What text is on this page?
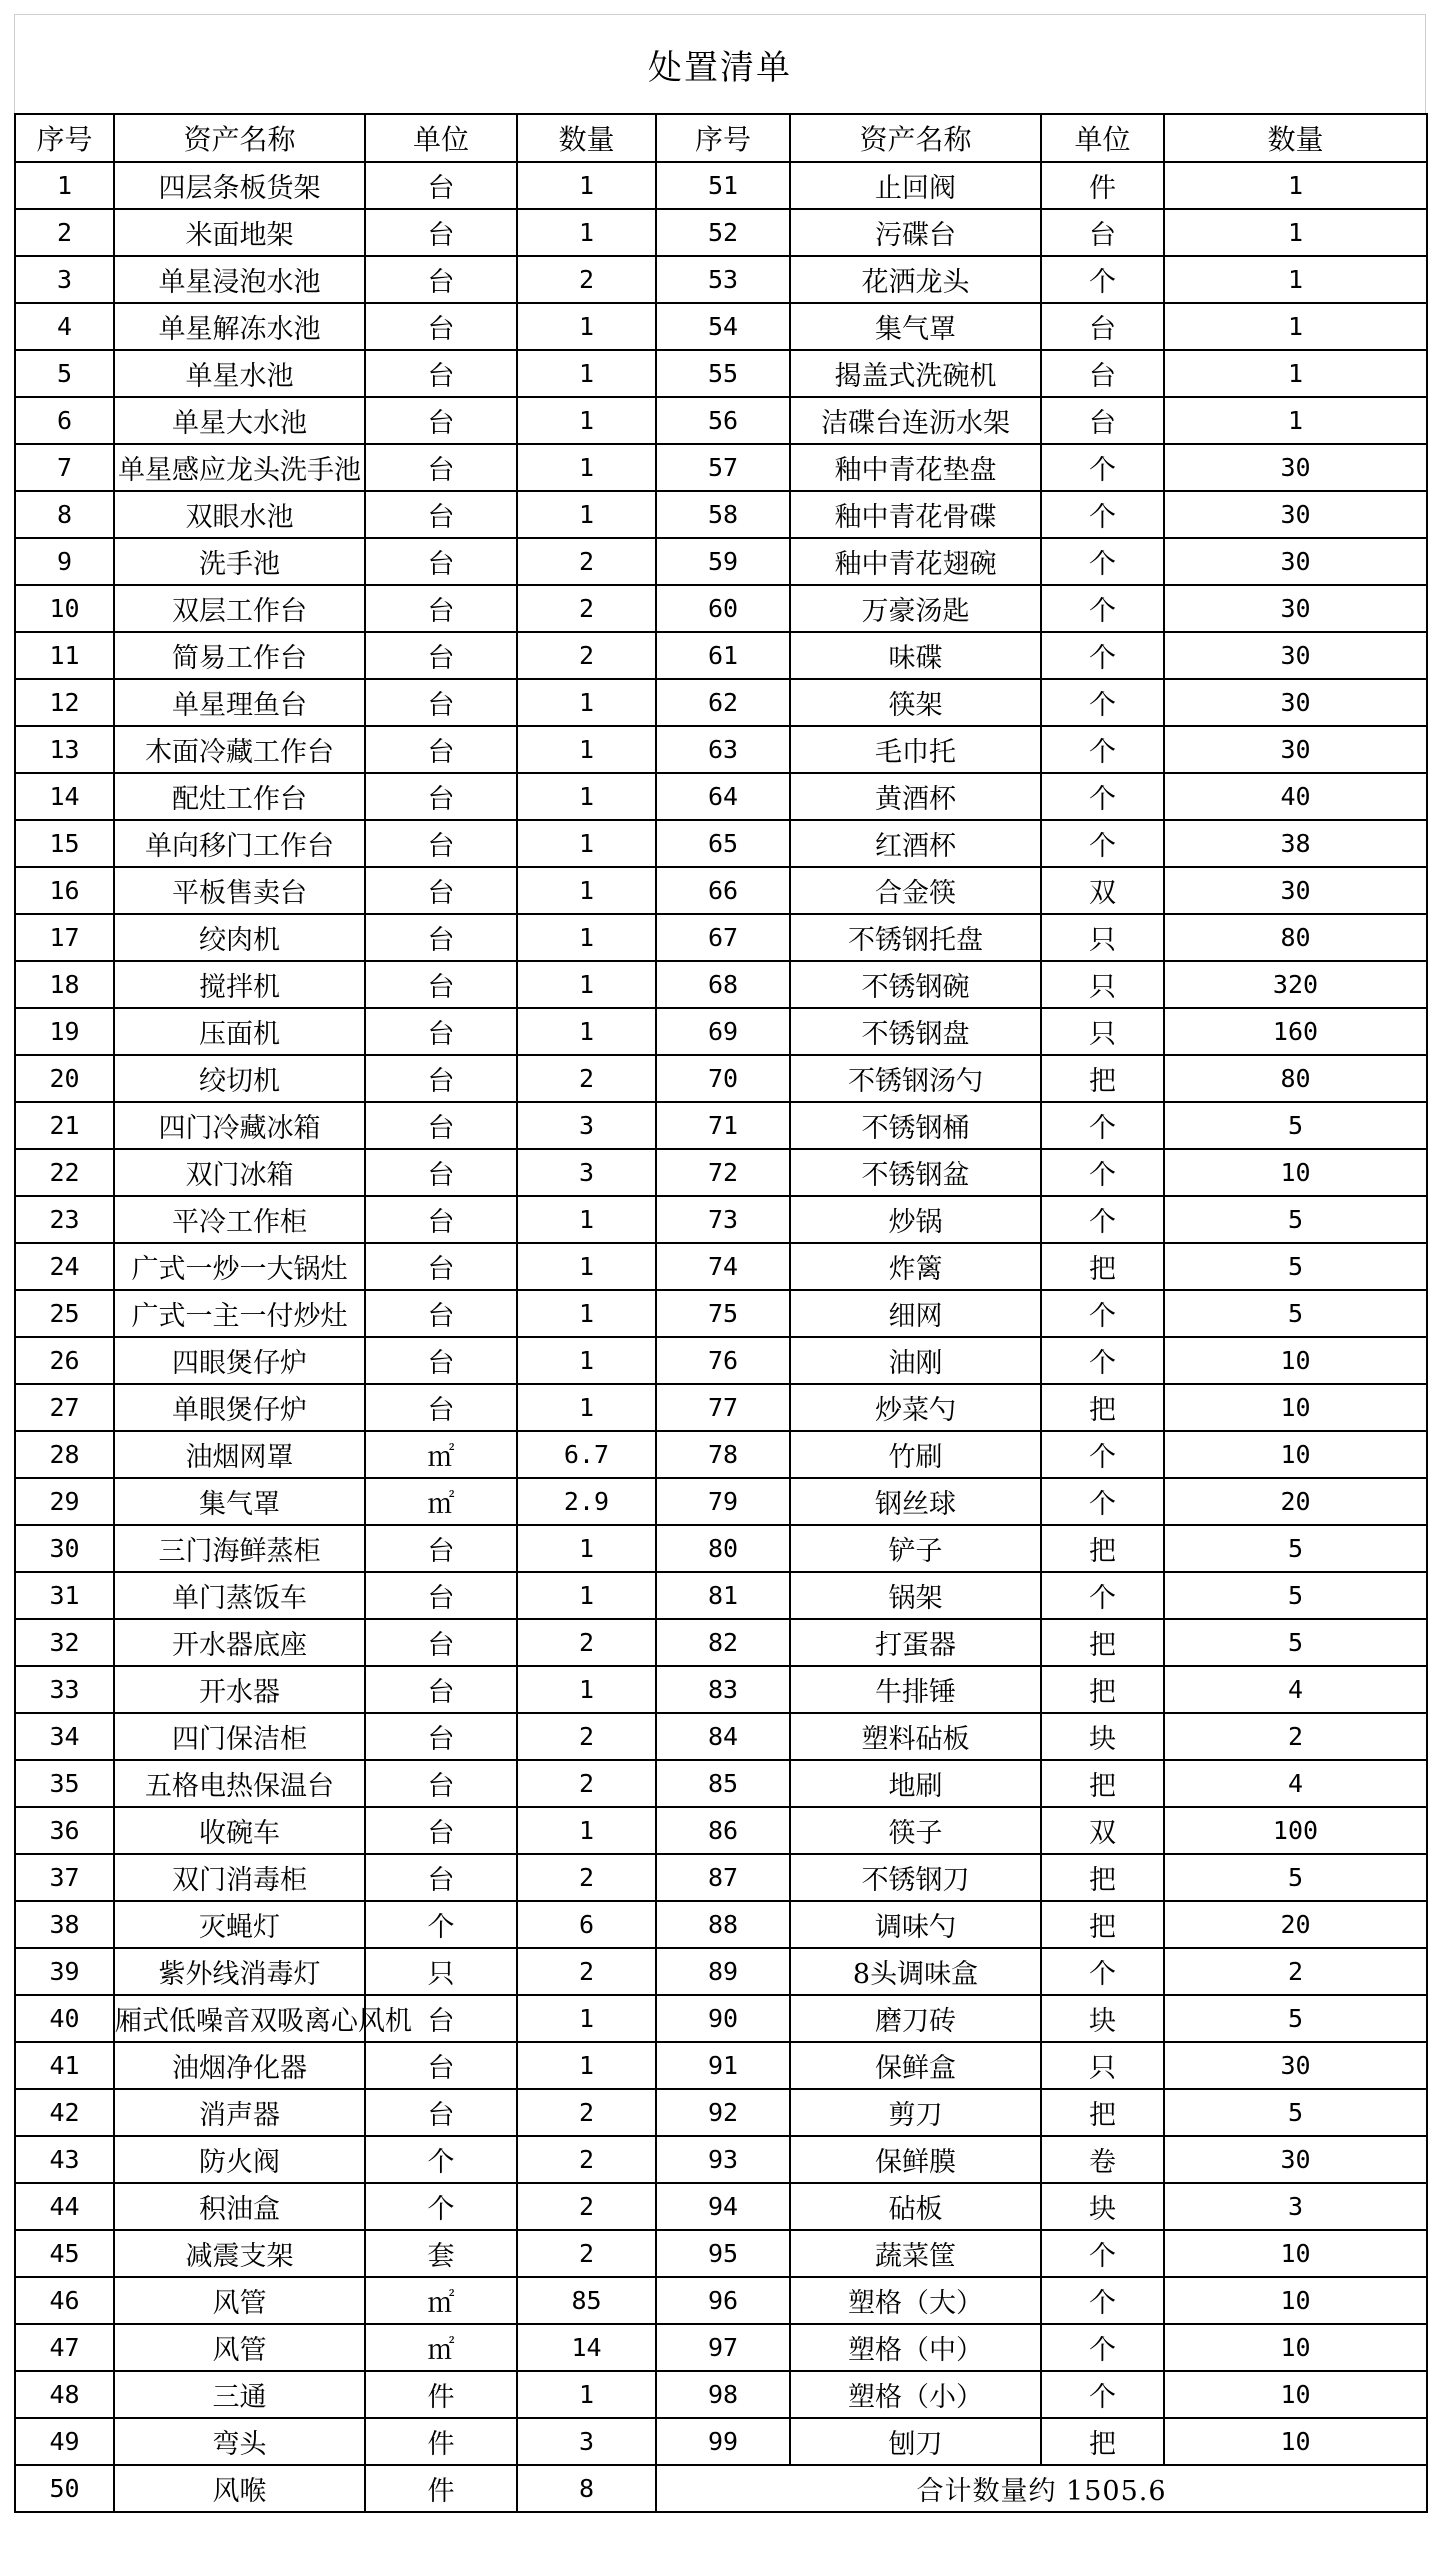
处置清单
序号	资产名称	单位	数量	序号	资产名称	单位	数量
1	四层条板货架	台	1	51	止回阀	件	1
2	米面地架	台	1	52	污碟台	台	1
3	单星浸泡水池	台	2	53	花洒龙头	个	1
4	单星解冻水池	台	1	54	集气罩	台	1
5	单星水池	台	1	55	揭盖式洗碗机	台	1
6	单星大水池	台	1	56	洁碟台连沥水架	台	1
7	单星感应龙头洗手池	台	1	57	釉中青花垫盘	个	30
8	双眼水池	台	1	58	釉中青花骨碟	个	30
9	洗手池	台	2	59	釉中青花翅碗	个	30
10	双层工作台	台	2	60	万豪汤匙	个	30
11	简易工作台	台	2	61	味碟	个	30
12	单星理鱼台	台	1	62	筷架	个	30
13	木面冷藏工作台	台	1	63	毛巾托	个	30
14	配灶工作台	台	1	64	黄酒杯	个	40
15	单向移门工作台	台	1	65	红酒杯	个	38
16	平板售卖台	台	1	66	合金筷	双	30
17	绞肉机	台	1	67	不锈钢托盘	只	80
18	搅拌机	台	1	68	不锈钢碗	只	320
19	压面机	台	1	69	不锈钢盘	只	160
20	绞切机	台	2	70	不锈钢汤勺	把	80
21	四门冷藏冰箱	台	3	71	不锈钢桶	个	5
22	双门冰箱	台	3	72	不锈钢盆	个	10
23	平冷工作柜	台	1	73	炒锅	个	5
24	广式一炒一大锅灶	台	1	74	炸篱	把	5
25	广式一主一付炒灶	台	1	75	细网	个	5
26	四眼煲仔炉	台	1	76	油刚	个	10
27	单眼煲仔炉	台	1	77	炒菜勺	把	10
28	油烟网罩	㎡	6.7	78	竹刷	个	10
29	集气罩	㎡	2.9	79	钢丝球	个	20
30	三门海鲜蒸柜	台	1	80	铲子	把	5
31	单门蒸饭车	台	1	81	锅架	个	5
32	开水器底座	台	2	82	打蛋器	把	5
33	开水器	台	1	83	牛排锤	把	4
34	四门保洁柜	台	2	84	塑料砧板	块	2
35	五格电热保温台	台	2	85	地刷	把	4
36	收碗车	台	1	86	筷子	双	100
37	双门消毒柜	台	2	87	不锈钢刀	把	5
38	灭蝇灯	个	6	88	调味勺	把	20
39	紫外线消毒灯	只	2	89	8头调味盒	个	2
40	厢式低噪音双吸离心风机	台	1	90	磨刀砖	块	5
41	油烟净化器	台	1	91	保鲜盒	只	30
42	消声器	台	2	92	剪刀	把	5
43	防火阀	个	2	93	保鲜膜	卷	30
44	积油盒	个	2	94	砧板	块	3
45	减震支架	套	2	95	蔬菜筐	个	10
46	风管	㎡	85	96	塑格（大）	个	10
47	风管	㎡	14	97	塑格（中）	个	10
48	三通	件	1	98	塑格（小）	个	10
49	弯头	件	3	99	刨刀	把	10
50	风喉	件	8	合计数量约 1505.6			
